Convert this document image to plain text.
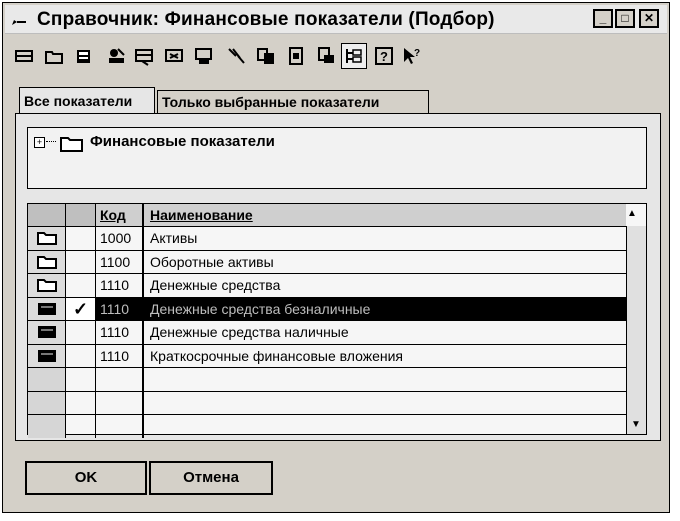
Справочник: Финансовые показатели (Подбор)	_	□	✕
?	?
Все показатели	Только выбранные показатели
+	Финансовые показатели
Код	Наименование	▲
1000	Активы
1100	Оборотные активы
1110	Денежные средства
✓ 1110	Денежные средства безналичные
1110	Денежные средства наличные
1110	Краткосрочные финансовые вложения
▼
OK	Отмена
